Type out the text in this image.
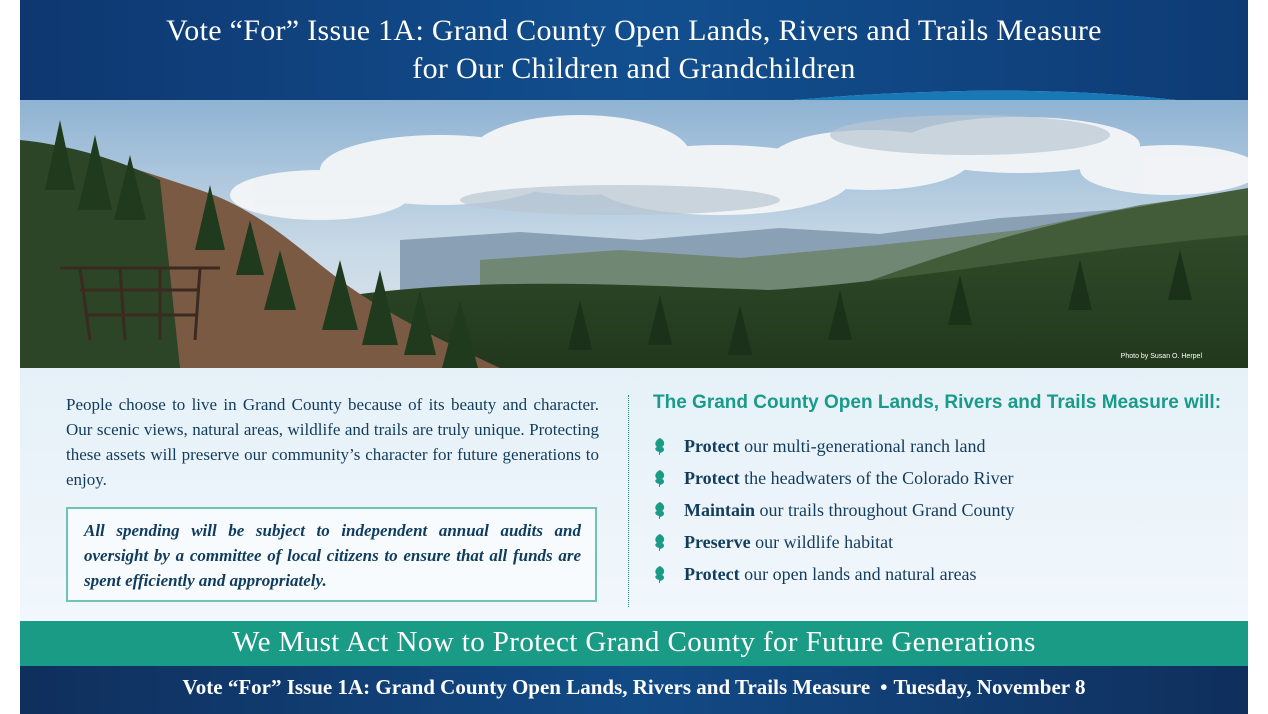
Vote “For” Issue 1A: Grand County Open Lands, Rivers and Trails Measure
for Our Children and Grandchildren
Photo by Susan O. Herpel
People choose to live in Grand County because of its beauty and character. Our scenic views, natural areas, wildlife and trails are truly unique. Protecting these assets will preserve our community’s character for future generations to enjoy.
All spending will be subject to independent annual audits and oversight by a committee of local citizens to ensure that all funds are spent efficiently and appropriately.
The Grand County Open Lands, Rivers and Trails Measure will:
Protect our multi-generational ranch land
Protect the headwaters of the Colorado River
Maintain our trails throughout Grand County
Preserve our wildlife habitat
Protect our open lands and natural areas
We Must Act Now to Protect Grand County for Future Generations
Vote “For” Issue 1A: Grand County Open Lands, Rivers and Trails Measure • Tuesday, November 8
